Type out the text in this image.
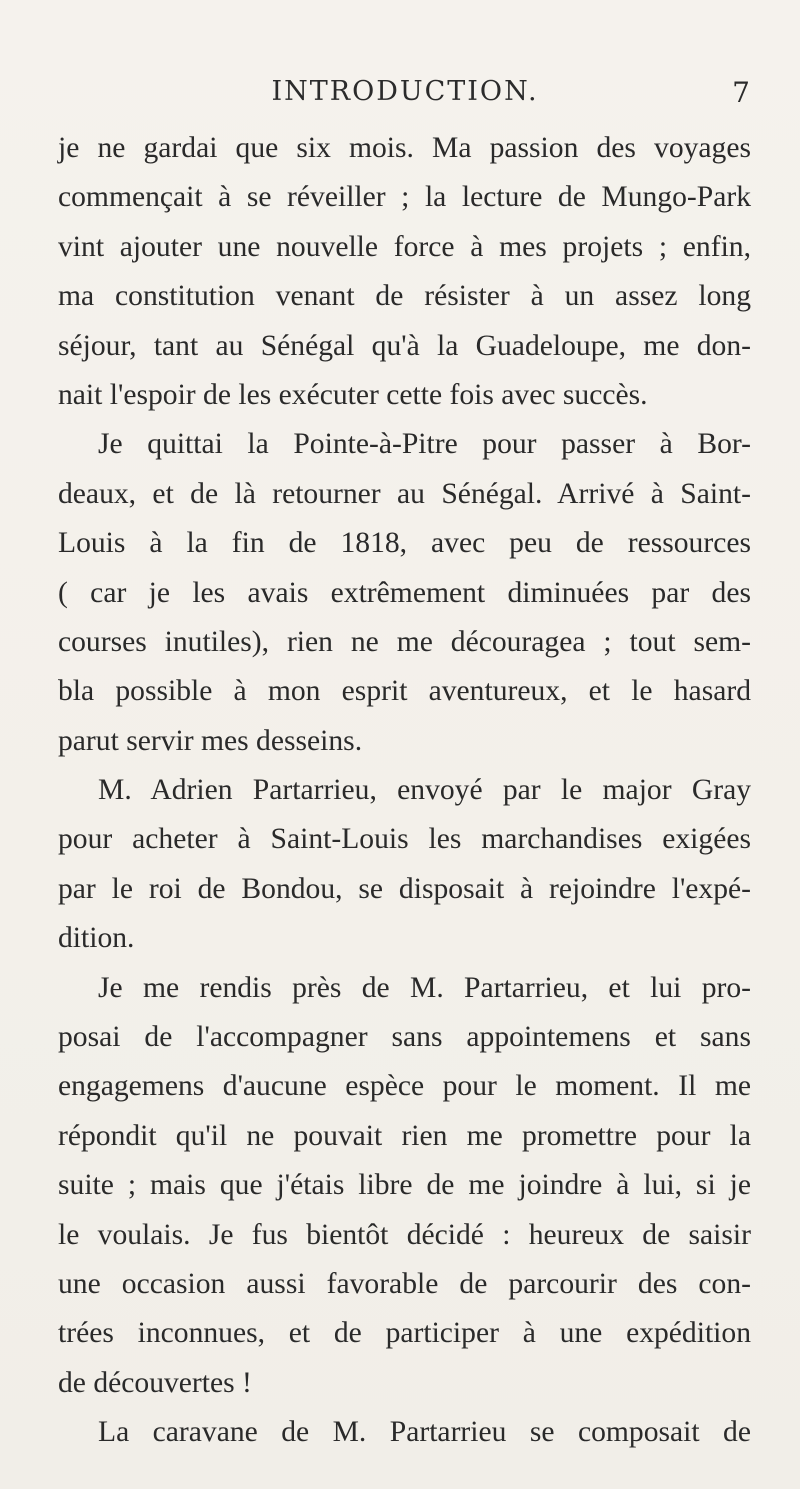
INTRODUCTION.	7
je ne gardai que six mois. Ma passion des voyages
commençait à se réveiller ; la lecture de Mungo-Park
vint ajouter une nouvelle force à mes projets ; enfin,
ma constitution venant de résister à un assez long
séjour, tant au Sénégal qu'à la Guadeloupe, me don-
nait l'espoir de les exécuter cette fois avec succès.
Je quittai la Pointe-à-Pitre pour passer à Bor-
deaux, et de là retourner au Sénégal. Arrivé à Saint-
Louis à la fin de 1818, avec peu de ressources
( car je les avais extrêmement diminuées par des
courses inutiles), rien ne me découragea ; tout sem-
bla possible à mon esprit aventureux, et le hasard
parut servir mes desseins.
M. Adrien Partarrieu, envoyé par le major Gray
pour acheter à Saint-Louis les marchandises exigées
par le roi de Bondou, se disposait à rejoindre l'expé-
dition.
Je me rendis près de M. Partarrieu, et lui pro-
posai de l'accompagner sans appointemens et sans
engagemens d'aucune espèce pour le moment. Il me
répondit qu'il ne pouvait rien me promettre pour la
suite ; mais que j'étais libre de me joindre à lui, si je
le voulais. Je fus bientôt décidé : heureux de saisir
une occasion aussi favorable de parcourir des con-
trées inconnues, et de participer à une expédition
de découvertes !
La caravane de M. Partarrieu se composait de
